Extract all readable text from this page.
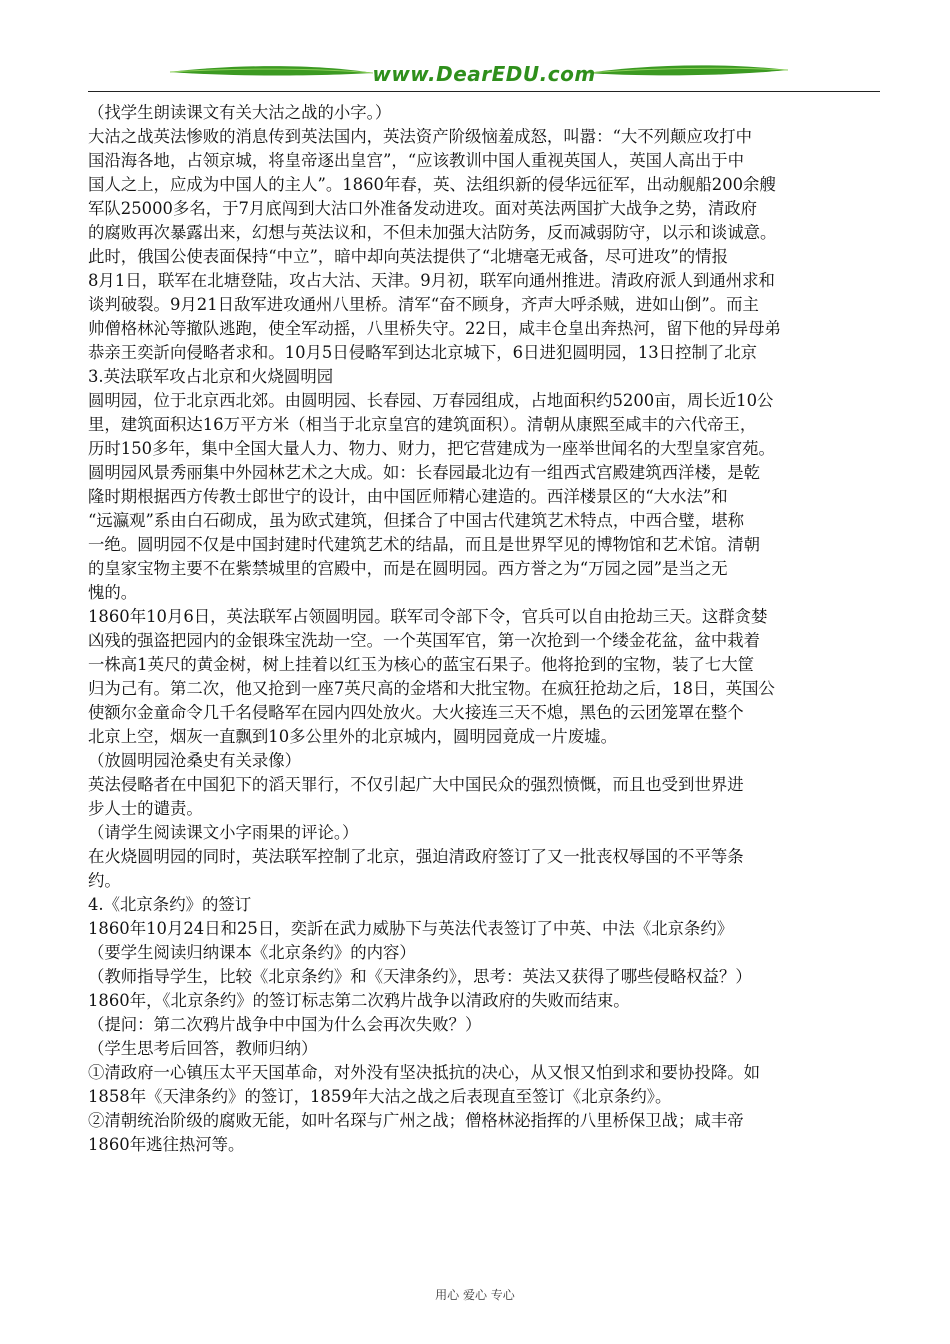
www.DearEDU.com
（找学生朗读课文有关大沽之战的小字。）
大沽之战英法惨败的消息传到英法国内，英法资产阶级恼羞成怒，叫嚣：“大不列颠应攻打中
国沿海各地，占领京城，将皇帝逐出皇宫”，“应该教训中国人重视英国人，英国人高出于中
国人之上，应成为中国人的主人”。1860年春，英、法组织新的侵华远征军，出动舰船200余艘
军队25000多名，于7月底闯到大沽口外准备发动进攻。面对英法两国扩大战争之势，清政府
的腐败再次暴露出来，幻想与英法议和，不但未加强大沽防务，反而减弱防守，以示和谈诚意。
此时，俄国公使表面保持“中立”，暗中却向英法提供了“北塘毫无戒备，尽可进攻”的情报
8月1日，联军在北塘登陆，攻占大沽、天津。9月初，联军向通州推进。清政府派人到通州求和
谈判破裂。9月21日敌军进攻通州八里桥。清军“奋不顾身，齐声大呼杀贼，进如山倒”。而主
帅僧格林沁等撤队逃跑，使全军动摇，八里桥失守。22日，咸丰仓皇出奔热河，留下他的异母弟
恭亲王奕訢向侵略者求和。10月5日侵略军到达北京城下，6日进犯圆明园，13日控制了北京
3.英法联军攻占北京和火烧圆明园
圆明园，位于北京西北郊。由圆明园、长春园、万春园组成，占地面积约5200亩，周长近10公
里，建筑面积达16万平方米（相当于北京皇宫的建筑面积）。清朝从康熙至咸丰的六代帝王，
历时150多年，集中全国大量人力、物力、财力，把它营建成为一座举世闻名的大型皇家宫苑。
圆明园风景秀丽集中外园林艺术之大成。如：长春园最北边有一组西式宫殿建筑西洋楼，是乾
隆时期根据西方传教士郎世宁的设计，由中国匠师精心建造的。西洋楼景区的“大水法”和
“远瀛观”系由白石砌成，虽为欧式建筑，但揉合了中国古代建筑艺术特点，中西合璧，堪称
一绝。圆明园不仅是中国封建时代建筑艺术的结晶，而且是世界罕见的博物馆和艺术馆。清朝
的皇家宝物主要不在紫禁城里的宫殿中，而是在圆明园。西方誉之为“万园之园”是当之无
愧的。
1860年10月6日，英法联军占领圆明园。联军司令部下令，官兵可以自由抢劫三天。这群贪婪
凶残的强盗把园内的金银珠宝洗劫一空。一个英国军官，第一次抢到一个缕金花盆，盆中栽着
一株高1英尺的黄金树，树上挂着以红玉为核心的蓝宝石果子。他将抢到的宝物，装了七大筐
归为己有。第二次，他又抢到一座7英尺高的金塔和大批宝物。在疯狂抢劫之后，18日，英国公
使额尔金童命令几千名侵略军在园内四处放火。大火接连三天不熄，黑色的云团笼罩在整个
北京上空，烟灰一直飘到10多公里外的北京城内，圆明园竟成一片废墟。
（放圆明园沧桑史有关录像）
英法侵略者在中国犯下的滔天罪行，不仅引起广大中国民众的强烈愤慨，而且也受到世界进
步人士的谴责。
（请学生阅读课文小字雨果的评论。）
在火烧圆明园的同时，英法联军控制了北京，强迫清政府签订了又一批丧权辱国的不平等条
约。
4.《北京条约》的签订
1860年10月24日和25日，奕訢在武力威胁下与英法代表签订了中英、中法《北京条约》
（要学生阅读归纳课本《北京条约》的内容）
（教师指导学生，比较《北京条约》和《天津条约》，思考：英法又获得了哪些侵略权益？）
1860年，《北京条约》的签订标志第二次鸦片战争以清政府的失败而结束。
（提问：第二次鸦片战争中中国为什么会再次失败？）
（学生思考后回答，教师归纳）
①清政府一心镇压太平天国革命，对外没有坚决抵抗的决心，从又恨又怕到求和要协投降。如
1858年《天津条约》的签订，1859年大沽之战之后表现直至签订《北京条约》。
②清朝统治阶级的腐败无能，如叶名琛与广州之战；僧格林泌指挥的八里桥保卫战；咸丰帝
1860年逃往热河等。
用心 爱心 专心
